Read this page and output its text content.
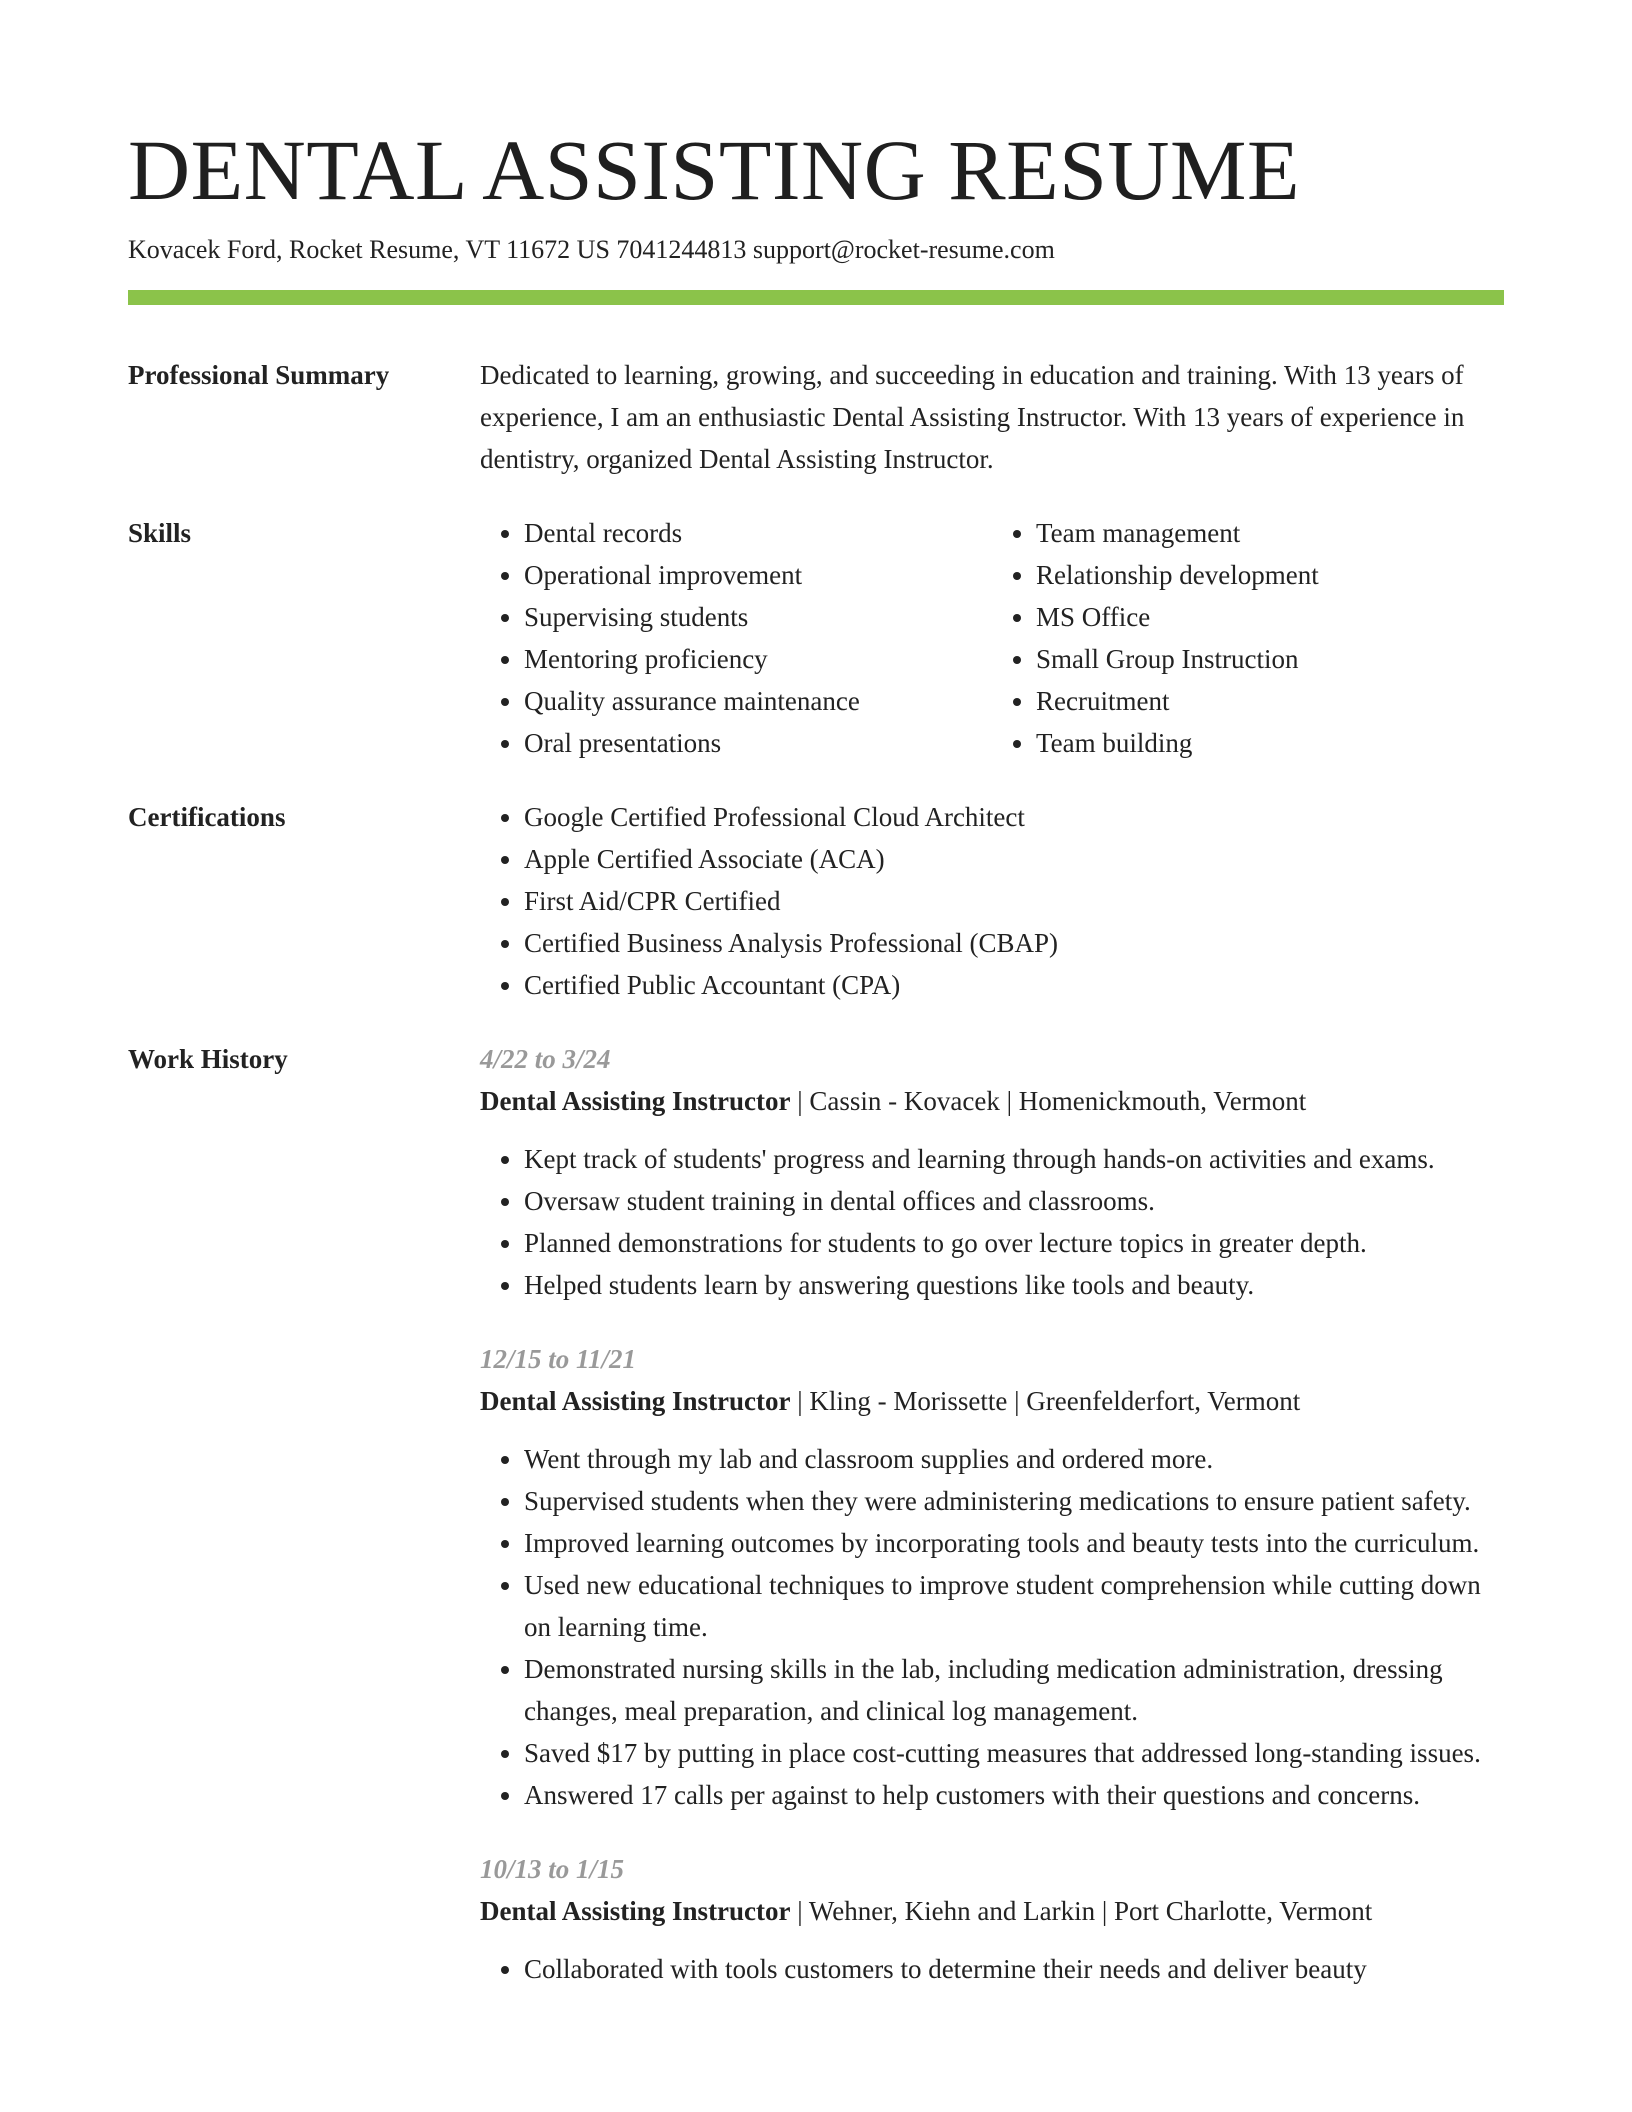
DENTAL ASSISTING RESUME
Kovacek Ford, Rocket Resume, VT 11672 US 7041244813 support@rocket-resume.com
Professional Summary	Dedicated to learning, growing, and succeeding in education and training. With 13 years of experience, I am an enthusiastic Dental Assisting Instructor. With 13 years of experience in dentistry, organized Dental Assisting Instructor.

Skills	• Dental records
• Operational improvement
• Supervising students
• Mentoring proficiency
• Quality assurance maintenance
• Oral presentations
• Team management
• Relationship development
• MS Office
• Small Group Instruction
• Recruitment
• Team building
Certifications	• Google Certified Professional Cloud Architect
• Apple Certified Associate (ACA)
• First Aid/CPR Certified
• Certified Business Analysis Professional (CBAP)
• Certified Public Accountant (CPA)
Work History	4/22 to 3/24
Dental Assisting Instructor | Cassin - Kovacek | Homenickmouth, Vermont
• Kept track of students' progress and learning through hands-on activities and exams.
• Oversaw student training in dental offices and classrooms.
• Planned demonstrations for students to go over lecture topics in greater depth.
• Helped students learn by answering questions like tools and beauty.
12/15 to 11/21
Dental Assisting Instructor | Kling - Morissette | Greenfelderfort, Vermont
• Went through my lab and classroom supplies and ordered more.
• Supervised students when they were administering medications to ensure patient safety.
• Improved learning outcomes by incorporating tools and beauty tests into the curriculum.
• Used new educational techniques to improve student comprehension while cutting down on learning time.
• Demonstrated nursing skills in the lab, including medication administration, dressing changes, meal preparation, and clinical log management.
• Saved $17 by putting in place cost-cutting measures that addressed long-standing issues.
• Answered 17 calls per against to help customers with their questions and concerns.
10/13 to 1/15
Dental Assisting Instructor | Wehner, Kiehn and Larkin | Port Charlotte, Vermont
• Collaborated with tools customers to determine their needs and deliver beauty
